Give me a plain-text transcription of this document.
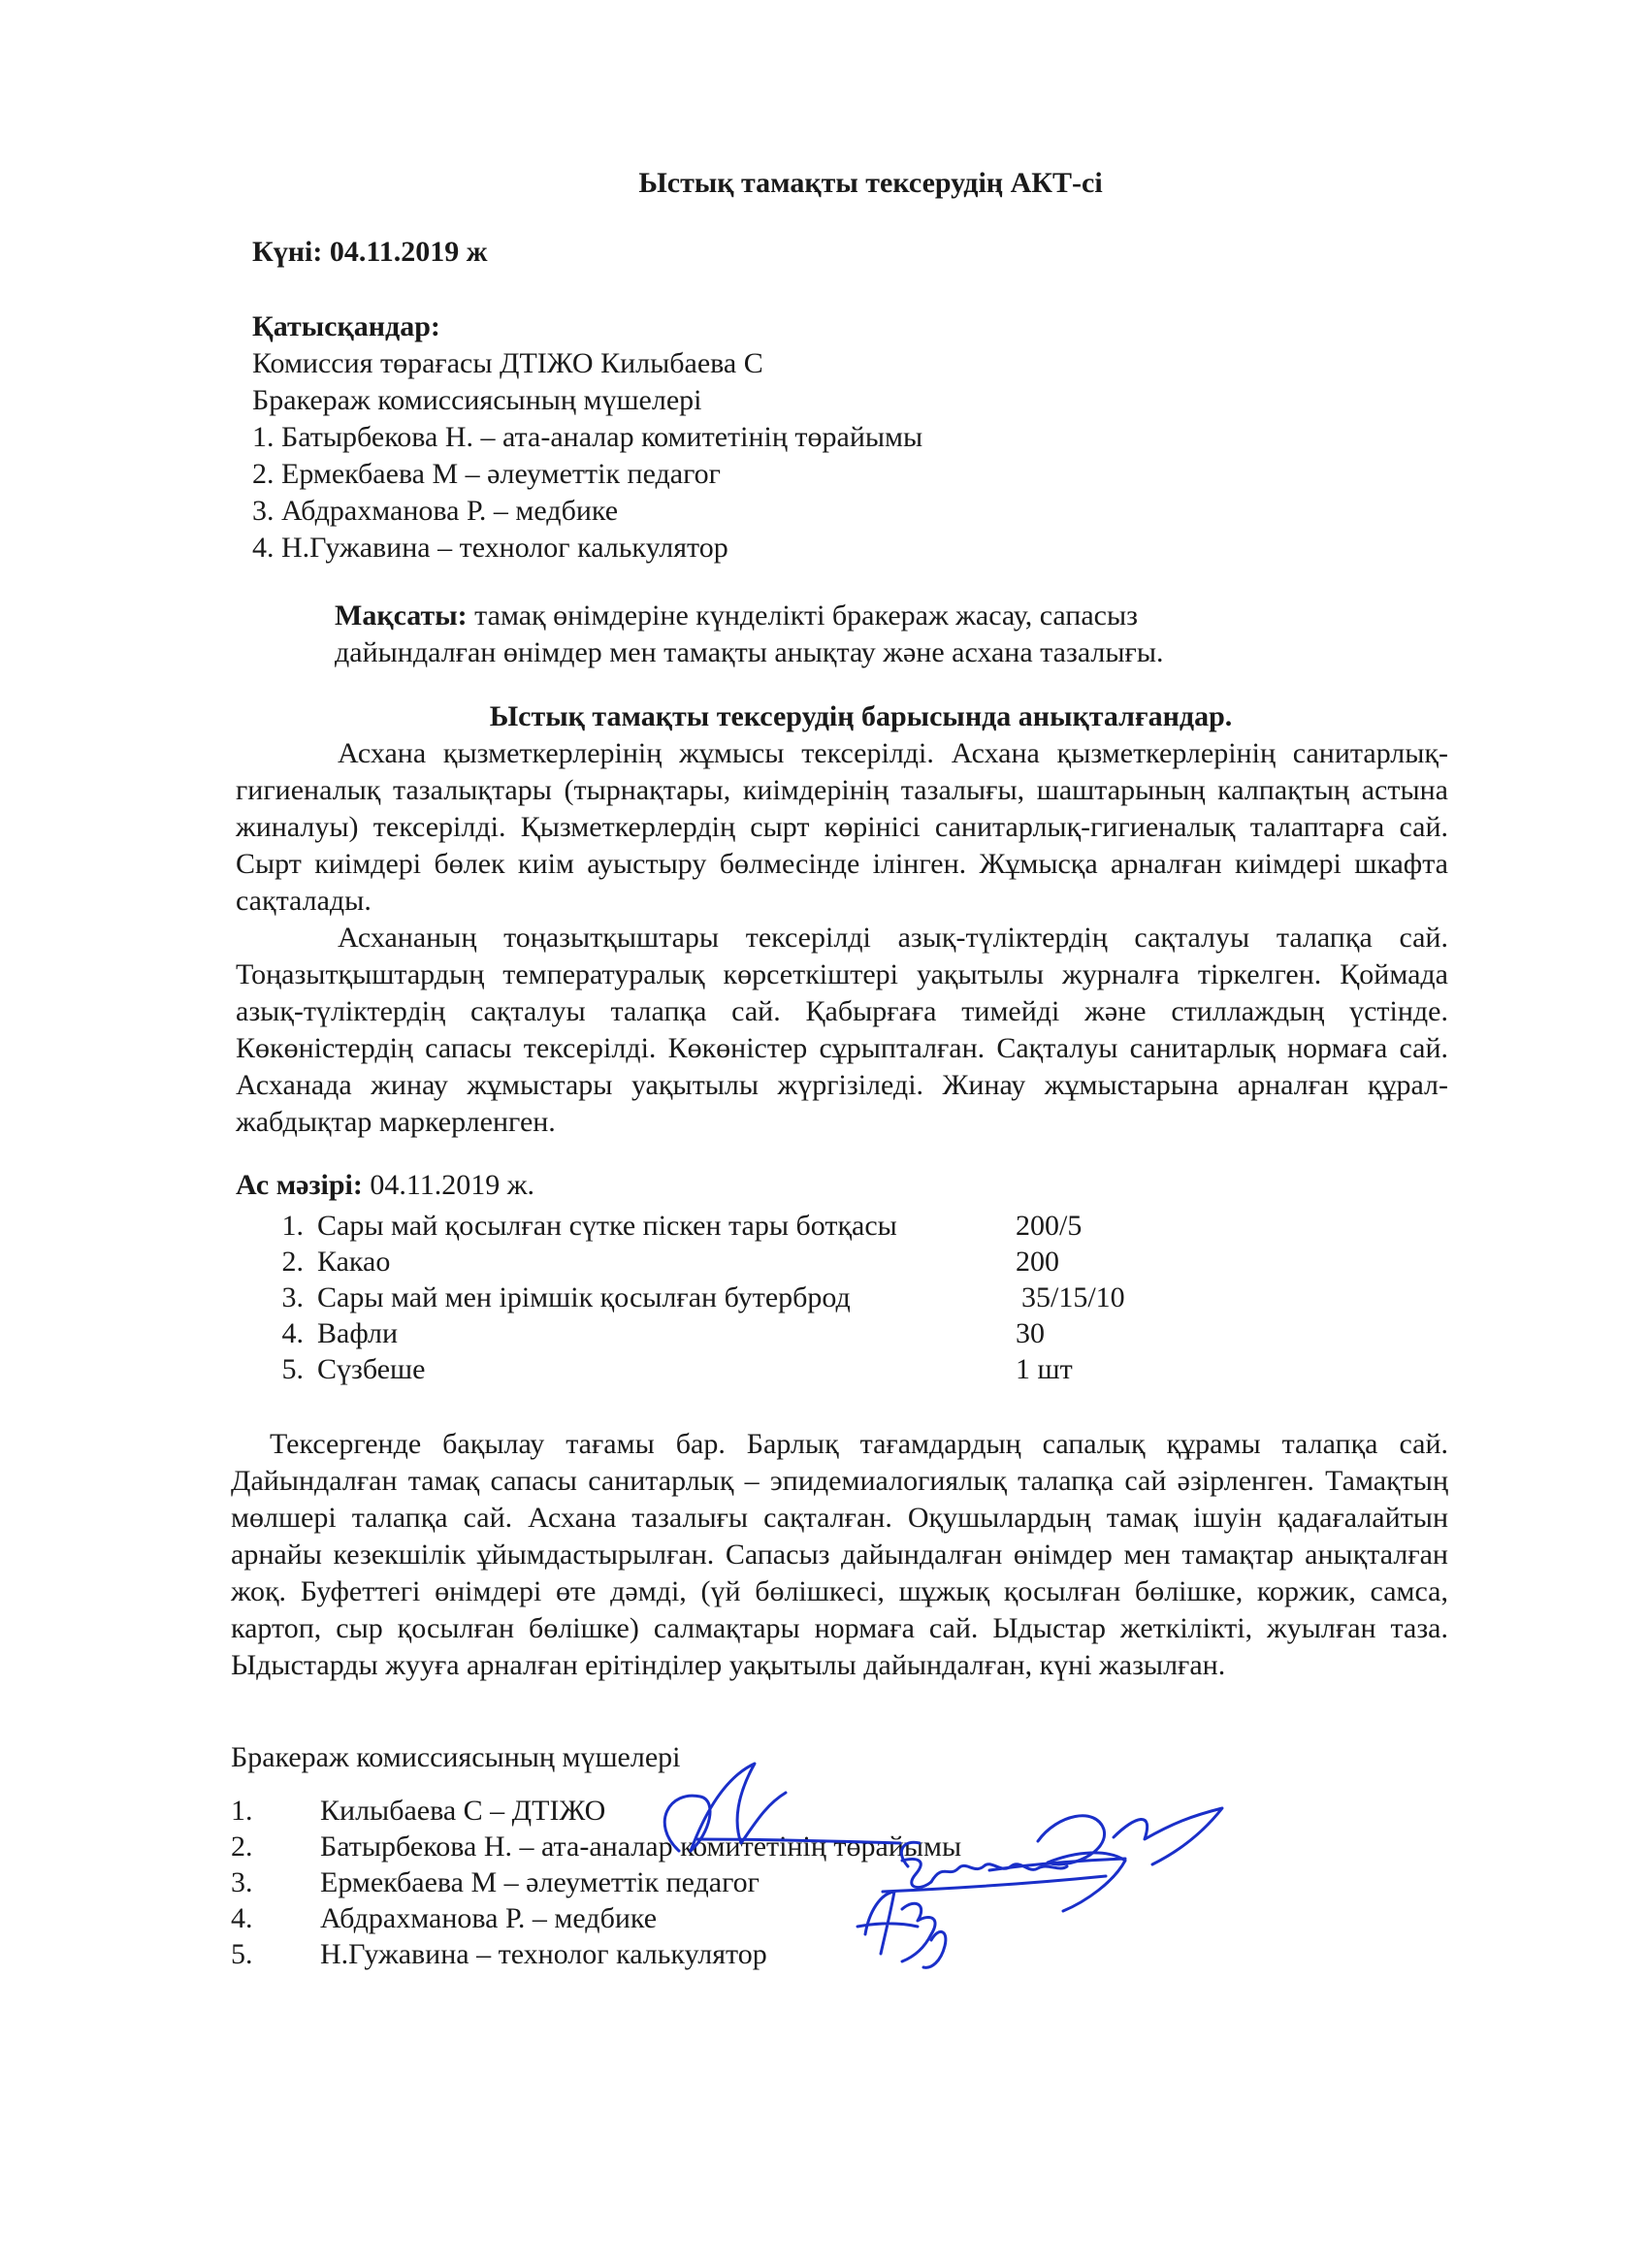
Ыстық тамақты тексерудің АКТ-сі
Күні: 04.11.2019 ж
Қатысқандар:
Комиссия төрағасы ДТІЖО Килыбаева С
Бракераж комиссиясының мүшелері
1. Батырбекова Н. – ата-аналар комитетінің төрайымы
2. Ермекбаева М – әлеуметтік педагог
3. Абдрахманова Р. – медбике
4. Н.Гужавина – технолог калькулятор
Мақсаты: тамақ өнімдеріне күнделікті бракераж жасау, сапасыз дайындалған өнімдер мен тамақты анықтау және асхана тазалығы.
Ыстық тамақты тексерудің барысында анықталғандар.
Асхана қызметкерлерінің жұмысы тексерілді. Асхана қызметкерлерінің санитарлық-гигиеналық тазалықтары (тырнақтары, киімдерінің тазалығы, шаштарының калпақтың астына жиналуы) тексерілді. Қызметкерлердің сырт көрінісі санитарлық-гигиеналық талаптарға сай. Сырт киімдері бөлек киім ауыстыру бөлмесінде ілінген. Жұмысқа арналған киімдері шкафта сақталады.
Асхананың тоңазытқыштары тексерілді азық-түліктердің сақталуы талапқа сай. Тоңазытқыштардың температуралық көрсеткіштері уақытылы журналға тіркелген. Қоймада азық-түліктердің сақталуы талапқа сай. Қабырғаға тимейді және стиллаждың үстінде. Көкөністердің сапасы тексерілді. Көкөністер сұрыпталған. Сақталуы санитарлық нормаға сай. Асханада жинау жұмыстары уақытылы жүргізіледі. Жинау жұмыстарына арналған құрал-жабдықтар маркерленген.
Ас мәзірі: 04.11.2019 ж.
1. Сары май қосылған сүтке піскен тары ботқасы	200/5
2. Какао	200
3. Сары май мен ірімшік қосылған бутерброд	35/15/10
4. Вафли	30
5. Сүзбеше	1 шт
Тексергенде бақылау тағамы бар. Барлық тағамдардың сапалық құрамы талапқа сай. Дайындалған тамақ сапасы санитарлық – эпидемиалогиялық талапқа сай әзірленген. Тамақтың мөлшері талапқа сай. Асхана тазалығы сақталған. Оқушылардың тамақ ішуін қадағалайтын арнайы кезекшілік ұйымдастырылған. Сапасыз дайындалған өнімдер мен тамақтар анықталған жоқ. Буфеттегі өнімдері өте дәмді, (үй бөлішкесі, шұжық қосылған бөлішке, коржик, самса, картоп, сыр қосылған бөлішке) салмақтары нормаға сай. Ыдыстар жеткілікті, жуылған таза. Ыдыстарды жууға арналған ерітінділер уақытылы дайындалған, күні жазылған.
Бракераж комиссиясының мүшелері
1.	Килыбаева С – ДТІЖО
2.	Батырбекова Н. – ата-аналар комитетінің төрайымы
3.	Ермекбаева М – әлеуметтік педагог
4.	Абдрахманова Р. – медбике
5.	Н.Гужавина – технолог калькулятор
